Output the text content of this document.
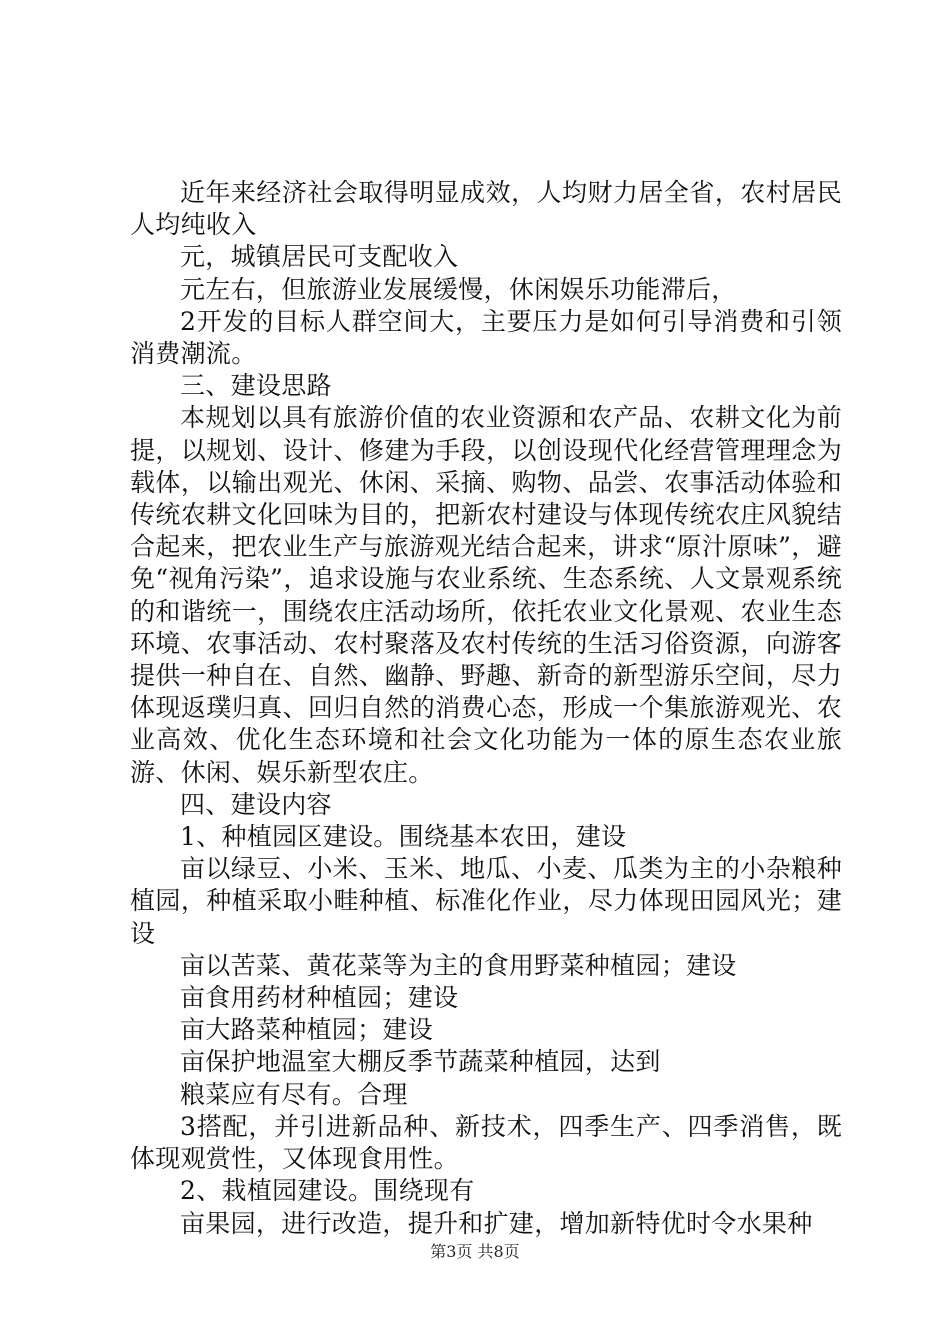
近年来经济社会取得明显成效，人均财力居全省，农村居民人均纯收入

元，城镇居民可支配收入

元左右，但旅游业发展缓慢，休闲娱乐功能滞后，

2开发的目标人群空间大，主要压力是如何引导消费和引领消费潮流。

三、建设思路

本规划以具有旅游价值的农业资源和农产品、农耕文化为前提，以规划、设计、修建为手段，以创设现代化经营管理理念为载体，以输出观光、休闲、采摘、购物、品尝、农事活动体验和传统农耕文化回味为目的，把新农村建设与体现传统农庄风貌结合起来，把农业生产与旅游观光结合起来，讲求“原汁原味”，避免“视角污染”，追求设施与农业系统、生态系统、人文景观系统的和谐统一，围绕农庄活动场所，依托农业文化景观、农业生态环境、农事活动、农村聚落及农村传统的生活习俗资源，向游客提供一种自在、自然、幽静、野趣、新奇的新型游乐空间，尽力体现返璞归真、回归自然的消费心态，形成一个集旅游观光、农业高效、优化生态环境和社会文化功能为一体的原生态农业旅游、休闲、娱乐新型农庄。

四、建设内容

1、种植园区建设。围绕基本农田，建设

亩以绿豆、小米、玉米、地瓜、小麦、瓜类为主的小杂粮种植园，种植采取小畦种植、标准化作业，尽力体现田园风光；建设

亩以苦菜、黄花菜等为主的食用野菜种植园；建设

亩食用药材种植园；建设

亩大路菜种植园；建设

亩保护地温室大棚反季节蔬菜种植园，达到

粮菜应有尽有。合理

3搭配，并引进新品种、新技术，四季生产、四季消售，既体现观赏性，又体现食用性。

2、栽植园建设。围绕现有

亩果园，进行改造，提升和扩建，增加新特优时令水果种

第3页 共8页
